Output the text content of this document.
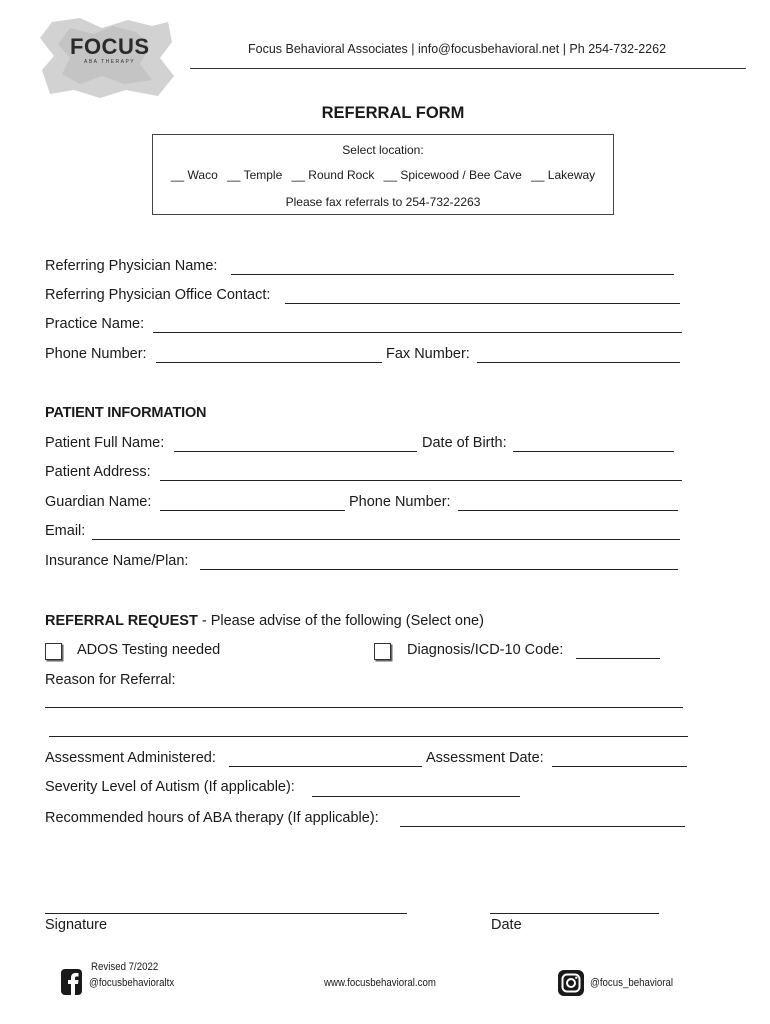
FOCUS
ABA THERAPY
Focus Behavioral Associates | info@focusbehavioral.net | Ph 254-732-2262
REFERRAL FORM
Select location:
__ Waco __ Temple __ Round Rock __ Spicewood / Bee Cave __ Lakeway
Please fax referrals to 254-732-2263
Referring Physician Name:
Referring Physician Office Contact:
Practice Name:
Phone Number:	Fax Number:
PATIENT INFORMATION
Patient Full Name:	Date of Birth:
Patient Address:
Guardian Name:	Phone Number:
Email:
Insurance Name/Plan:
REFERRAL REQUEST - Please advise of the following (Select one)
ADOS Testing needed	Diagnosis/ICD-10 Code:
Reason for Referral:
Assessment Administered:	Assessment Date:
Severity Level of Autism (If applicable):
Recommended hours of ABA therapy (If applicable):
Signature	Date
Revised 7/2022
@focusbehavioraltx	www.focusbehavioral.com	@focus_behavioral
